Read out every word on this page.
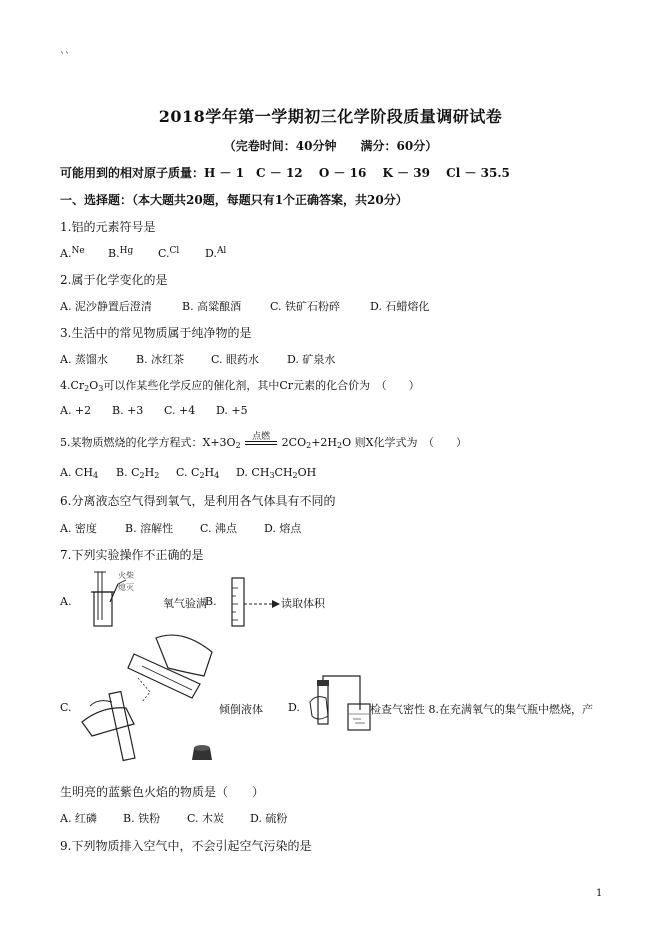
``
2018学年第一学期初三化学阶段质量调研试卷
（完卷时间：40分钟　　满分：60分）
可能用到的相对原子质量：H － 1　C － 12　 O － 16　 K － 39　 Cl － 35.5
一、选择题：（本大题共20题，每题只有1个正确答案，共20分）
1.铝的元素符号是
A.$^{Ne}$ B.$^{Hg}$ C.$^{Cl}$ D.$^{Al}$
2.属于化学变化的是
A. 泥沙静置后澄清	B. 高粱酿酒	C. 铁矿石粉碎	D. 石蜡熔化
3.生活中的常见物质属于纯净物的是
A. 蒸馏水	B. 冰红茶 C. 眼药水	D. 矿泉水
$4.Cr_2O_3$可以作某些化学反应的催化剂，其中Cr元素的化合价为　（　　）
A. +2 B. +3 C. +4 D. +5
5.某物质燃烧的化学方程式：$X+3O_2$
点燃	$2CO_2+2H_2O$ 则X化学式为　（　　）
A. $CH_4$ B. $C_2H_2$ C. $C_2H_4$ D. $CH_3CH_2OH$
6.分离液态空气得到氧气，是利用各气体具有不同的
A. 密度	B. 溶解性 C. 沸点 D. 熔点
7.下列实验操作不正确的是
A.
火柴
熄灭
氧气验满
B.	读取体积
C.	倾倒液体 D.	检查气密性 8.在充满氧气的集气瓶中燃烧，产
生明亮的蓝紫色火焰的物质是（　　）
A. 红磷 B. 铁粉 C. 木炭 D. 硫粉
9.下列物质排入空气中，不会引起空气污染的是
1
